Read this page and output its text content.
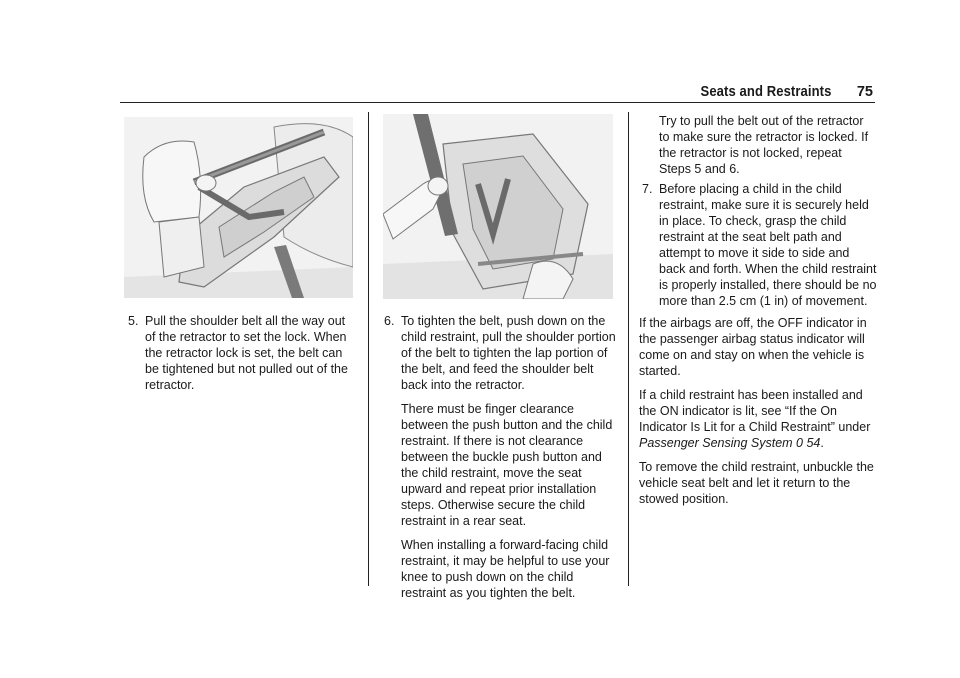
Seats and Restraints 75
5. Pull the shoulder belt all the way out of the retractor to set the lock. When the retractor lock is set, the belt can be tightened but not pulled out of the retractor.
6. To tighten the belt, push down on the child restraint, pull the shoulder portion of the belt to tighten the lap portion of the belt, and feed the shoulder belt back into the retractor.

There must be finger clearance between the push button and the child restraint. If there is not clearance between the buckle push button and the child restraint, move the seat upward and repeat prior installation steps. Otherwise secure the child restraint in a rear seat.

When installing a forward-facing child restraint, it may be helpful to use your knee to push down on the child restraint as you tighten the belt.

Try to pull the belt out of the retractor to make sure the retractor is locked. If the retractor is not locked, repeat Steps 5 and 6.
7. Before placing a child in the child restraint, make sure it is securely held in place. To check, grasp the child restraint at the seat belt path and attempt to move it side to side and back and forth. When the child restraint is properly installed, there should be no more than 2.5 cm (1 in) of movement.

If the airbags are off, the OFF indicator in the passenger airbag status indicator will come on and stay on when the vehicle is started.

If a child restraint has been installed and the ON indicator is lit, see “If the On Indicator Is Lit for a Child Restraint” under Passenger Sensing System 0 54.

To remove the child restraint, unbuckle the vehicle seat belt and let it return to the stowed position.
